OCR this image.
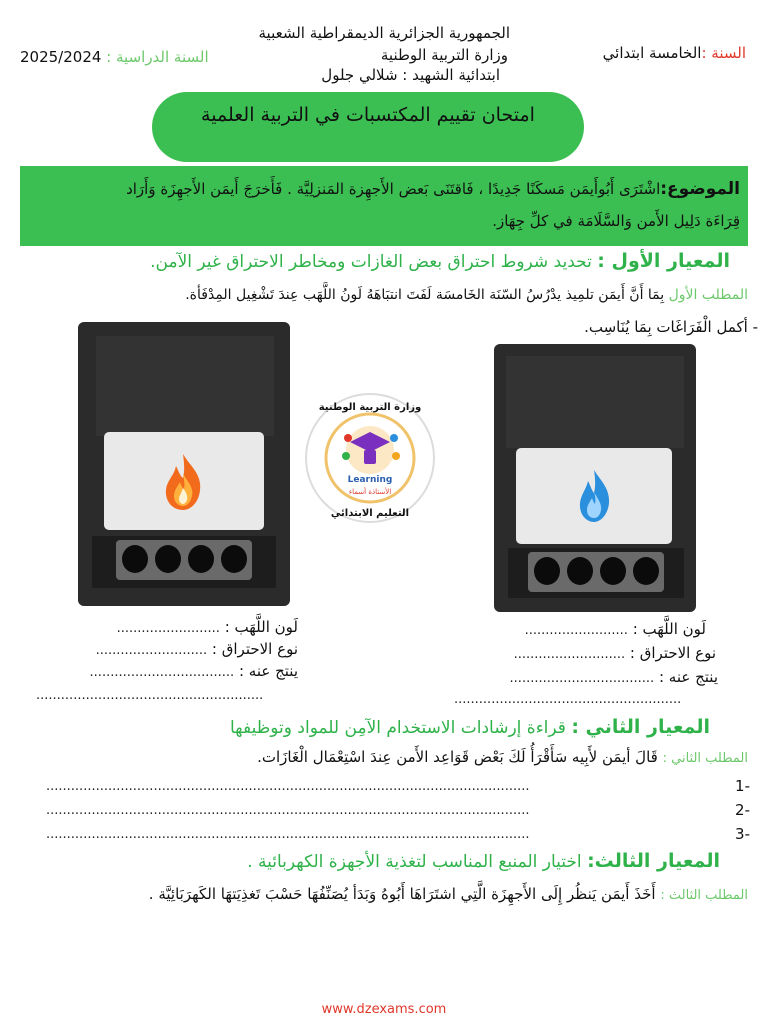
الجمهورية الجزائرية الديمقراطية الشعبية
وزارة التربية الوطنية
ابتدائية الشهيد : شلالي جلول
السنة :الخامسة ابتدائي
2025/2024 السنة الدراسية :
امتحان تقييم المكتسبات في التربية العلمية
الموضوع:اشْتَرَى أَبُوأَيمَن مَسكَنًا جَدِيدًا ، فَاقتَنَى بَعض الأَجهِزة المَنزلِيَّة . فَأَخرَجَ أَيمَن الأَجهِزَة وَأَرَاد
قِرَاءَة دَلِيل الأَمن وَالسَّلَامَة في كلِّ جِهَاز.
المعيار الأول : تحديد شروط احتراق بعض الغازات ومخاطر الاحتراق غير الآمن.
المطلب الأول بِمَا أَنَّ أَيمَن تلمِيذ يدْرُسُ السّنَة الخَامسَة لَفَتَ انتبَاهَهُ لَونُ اللَّهَب عِندَ تَشْغِيل المِدْفَأة.
- أكمل الْفَرَاغَات بِمَا يُنَاسِب.
Learning
الأستاذة أسماء
وزارة التربية الوطنية
التعليم الابتدائي
لَون اللَّهَب : .........................
نوع الاحتراق : ...........................
ينتج عنه : ...................................
.......................................................
لَون اللَّهَب : .........................
نوع الاحتراق : ...........................
ينتج عنه : ...................................
.......................................................
المعيار الثاني : قراءة إرشادات الاستخدام الآمِن للمواد وتوظيفها
المطلب الثاني : قَالَ أيمَن لأَبِيه سَأَقْرَأُ لَكَ بَعْض قَوَاعِد الأَمن عِندَ اسْتِعْمَال الْغَازَات.
-1
.....................................................................................................................
-2
.....................................................................................................................
-3
.....................................................................................................................
المعيار الثالث: اختيار المنبع المناسب لتغذية الأجهزة الكهربائية .
المطلب الثالث : أَخَذَ أَيمَن يَنظُر إِلَى الأَجهِزَة الَّتِي اشتَرَاهَا أَبُوهُ وَبَدَأ يُصَنِّفُهَا حَسْبَ تَغذِيَتهَا الكَهرَبَائِيَّة .
www.dzexams.com
